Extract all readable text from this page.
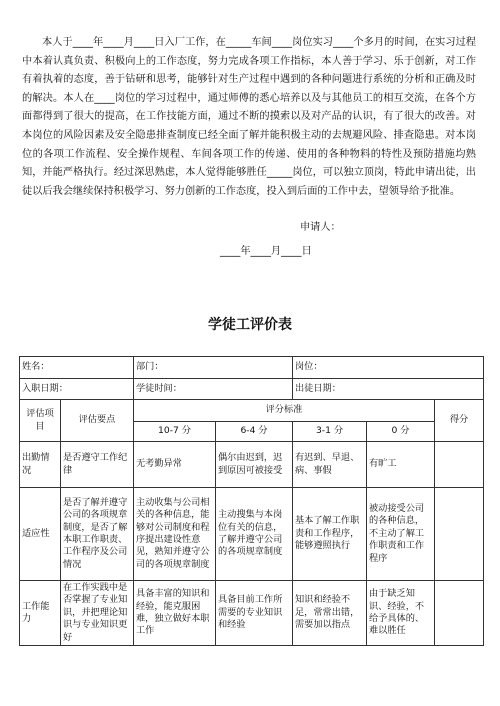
本人于____年____月____日入厂工作，在_____车间____岗位实习____个多月的时间，在实习过程中本着认真负责、积极向上的工作态度，努力完成各项工作指标，本人善于学习、乐于创新，对工作有着执着的态度，善于钻研和思考，能够针对生产过程中遇到的各种问题进行系统的分析和正确及时的解决。本人在____岗位的学习过程中，通过师傅的悉心培养以及与其他员工的相互交流，在各个方面都得到了很大的提高，在工作技能方面，通过不断的摸索以及对产品的认识，有了很大的改善。对本岗位的风险因素及安全隐患排查制度已经全面了解并能积极主动的去规避风险、排查隐患。对本岗位的各项工作流程、安全操作规程、车间各项工作的传递、使用的各种物料的特性及预防措施均熟知，并能严格执行。经过深思熟虑，本人觉得能够胜任_____岗位，可以独立顶岗，特此申请出徒，出徒以后我会继续保持积极学习、努力创新的工作态度，投入到后面的工作中去，望领导给予批准。

申请人：
____年____月____日
学徒工评价表
姓名：		部门：		岗位：		
入职日期：		学徒时间：		出徒日期：		
评估项目	评估要点	评分标准				得分
		10-7 分	6-4 分	3-1 分	0 分	
出勤情况	是否遵守工作纪律	无考勤异常	偶尔由迟到，迟到原因可被接受	有迟到、早退、病、事假	有旷工	
适应性	是否了解并遵守公司的各项规章制度，是否了解本职工作职责、工作程序及公司情况	主动收集与公司相关的各种信息，能够对公司制度和程序提出建设性意见，熟知并遵守公司的各项规章制度	主动搜集与本岗位有关的信息，了解并遵守公司的各项规章制度	基本了解工作职责和工作程序，能够遵照执行	被动接受公司的各种信息，不主动了解工作职责和工作程序	
工作能力	在工作实践中是否掌握了专业知识，并把理论知识与专业知识更好	具备丰富的知识和经验，能克服困难，独立做好本职工作	具备目前工作所需要的专业知识和经验	知识和经验不足，常常出错，需要加以指点	由于缺乏知识、经验，不给予具体的、难以胜任	
